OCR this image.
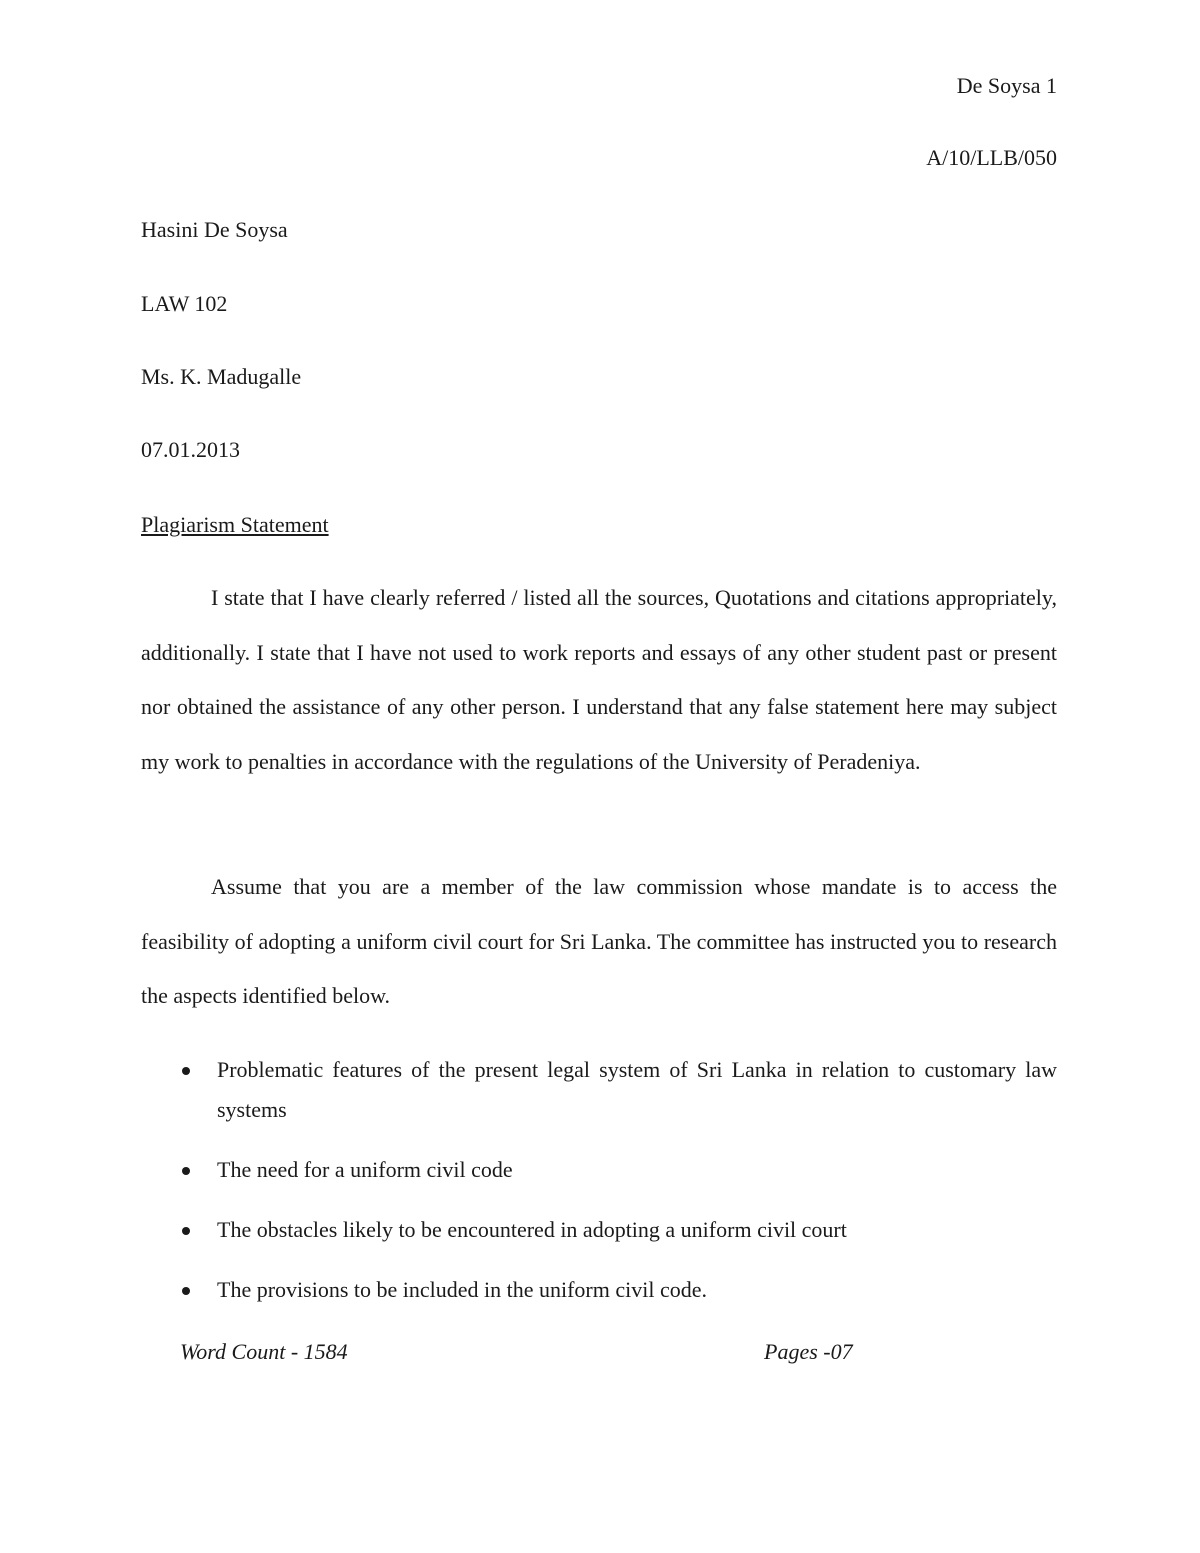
De Soysa 1

A/10/LLB/050

Hasini De Soysa

LAW 102

Ms. K. Madugalle

07.01.2013

Plagiarism Statement

I state that I have clearly referred / listed all the sources, Quotations and citations appropriately, additionally. I state that I have not used to work reports and essays of any other student past or present nor obtained the assistance of any other person. I understand that any false statement here may subject my work to penalties in accordance with the regulations of the University of Peradeniya.

Assume that you are a member of the law commission whose mandate is to access the feasibility of adopting a uniform civil court for Sri Lanka. The committee has instructed you to research the aspects identified below.

Problematic features of the present legal system of Sri Lanka in relation to customary law systems
The need for a uniform civil code
The obstacles likely to be encountered in adopting a uniform civil court
The provisions to be included in the uniform civil code.

Word Count - 1584	Pages -07
